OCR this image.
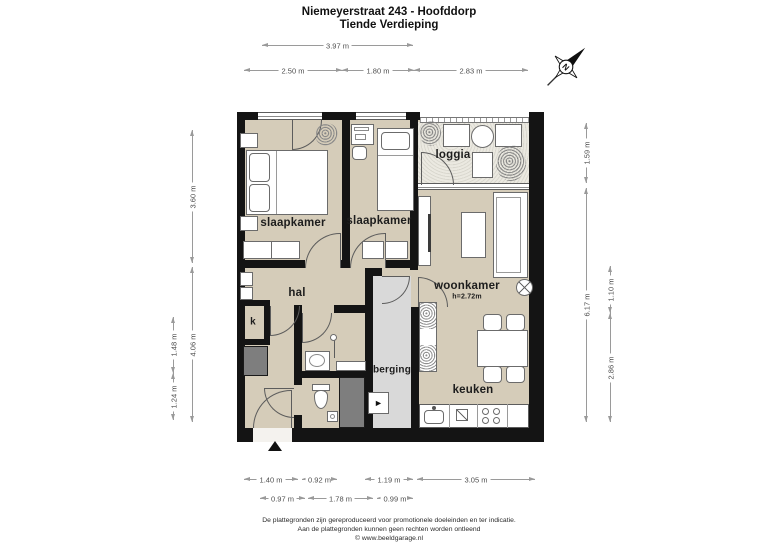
Niemeyerstraat 243 - Hoofddorp
Tiende Verdieping
N
3.97 m
2.50 m	1.80 m	2.83 m
3.60 m
4.06 m
1.48 m
1.24 m
1.59 m
6.17 m
1.10 m
2.86 m
1.40 m	0.92 m	1.19 m	3.05 m
0.97 m	1.78 m	0.99 m
►
slaapkamer slaapkamer
loggia
hal
k
berging
woonkamer
h=2.72m
keuken
De plattegronden zijn gereproduceerd voor promotionele doeleinden en ter indicatie.
Aan de plattegronden kunnen geen rechten worden ontleend
© www.beeldgarage.nl
